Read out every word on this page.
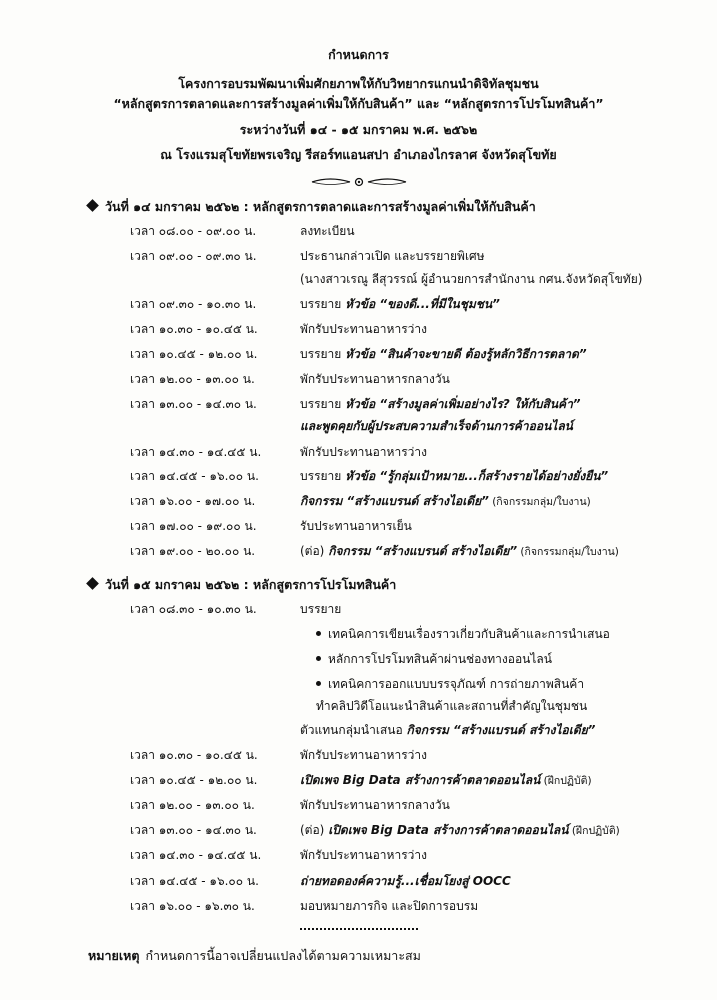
กำหนดการ
โครงการอบรมพัฒนาเพิ่มศักยภาพให้กับวิทยากรแกนนำดิจิทัลชุมชน
“หลักสูตรการตลาดและการสร้างมูลค่าเพิ่มให้กับสินค้า” และ “หลักสูตรการโปรโมทสินค้า”
ระหว่างวันที่ ๑๔ - ๑๕ มกราคม พ.ศ. ๒๕๖๒
ณ โรงแรมสุโขทัยพรเจริญ รีสอร์ทแอนสปา อำเภองไกรลาศ จังหวัดสุโขทัย
วันที่ ๑๔ มกราคม ๒๕๖๒ : หลักสูตรการตลาดและการสร้างมูลค่าเพิ่มให้กับสินค้า
เวลา ๐๘.๐๐ - ๐๙.๐๐ น.	ลงทะเบียน
เวลา ๐๙.๐๐ - ๐๙.๓๐ น.	ประธานกล่าวเปิด และบรรยายพิเศษ
(นางสาวเรณู ลีสุวรรณ์ ผู้อำนวยการสำนักงาน กศน.จังหวัดสุโขทัย)
เวลา ๐๙.๓๐ - ๑๐.๓๐ น.	บรรยาย หัวข้อ “ของดี...ที่มีในชุมชน”
เวลา ๑๐.๓๐ - ๑๐.๔๕ น.	พักรับประทานอาหารว่าง
เวลา ๑๐.๔๕ - ๑๒.๐๐ น.	บรรยาย หัวข้อ “สินค้าจะขายดี ต้องรู้หลักวิธีการตลาด”
เวลา ๑๒.๐๐ - ๑๓.๐๐ น.	พักรับประทานอาหารกลางวัน
เวลา ๑๓.๐๐ - ๑๔.๓๐ น.	บรรยาย หัวข้อ “สร้างมูลค่าเพิ่มอย่างไร? ให้กับสินค้า”
และพูดคุยกับผู้ประสบความสำเร็จด้านการค้าออนไลน์
เวลา ๑๔.๓๐ - ๑๔.๔๕ น.	พักรับประทานอาหารว่าง
เวลา ๑๔.๔๕ - ๑๖.๐๐ น.	บรรยาย หัวข้อ “รู้กลุ่มเป้าหมาย...ก็สร้างรายได้อย่างยั่งยืน”
เวลา ๑๖.๐๐ - ๑๗.๐๐ น.	กิจกรรม “สร้างแบรนด์ สร้างไอเดีย” (กิจกรรมกลุ่ม/ใบงาน)
เวลา ๑๗.๐๐ - ๑๙.๐๐ น.	รับประทานอาหารเย็น
เวลา ๑๙.๐๐ - ๒๐.๐๐ น.	(ต่อ) กิจกรรม “สร้างแบรนด์ สร้างไอเดีย” (กิจกรรมกลุ่ม/ใบงาน)
วันที่ ๑๕ มกราคม ๒๕๖๒ : หลักสูตรการโปรโมทสินค้า
เวลา ๐๘.๓๐ - ๑๐.๓๐ น.	บรรยาย
เทคนิคการเขียนเรื่องราวเกี่ยวกับสินค้าและการนำเสนอ
หลักการโปรโมทสินค้าผ่านช่องทางออนไลน์
เทคนิคการออกแบบบรรจุภัณฑ์ การถ่ายภาพสินค้า
ทำคลิปวิดีโอแนะนำสินค้าและสถานที่สำคัญในชุมชน
ตัวแทนกลุ่มนำเสนอ กิจกรรม “สร้างแบรนด์ สร้างไอเดีย”
เวลา ๑๐.๓๐ - ๑๐.๔๕ น.	พักรับประทานอาหารว่าง
เวลา ๑๐.๔๕ - ๑๒.๐๐ น.	เปิดเพจ Big Data สร้างการค้าตลาดออนไลน์ (ฝึกปฏิบัติ)
เวลา ๑๒.๐๐ - ๑๓.๐๐ น.	พักรับประทานอาหารกลางวัน
เวลา ๑๓.๐๐ - ๑๔.๓๐ น.	(ต่อ) เปิดเพจ Big Data สร้างการค้าตลาดออนไลน์ (ฝึกปฏิบัติ)
เวลา ๑๔.๓๐ - ๑๔.๔๕ น.	พักรับประทานอาหารว่าง
เวลา ๑๔.๔๕ - ๑๖.๐๐ น.	ถ่ายทอดองค์ความรู้...เชื่อมโยงสู่ OOCC
เวลา ๑๖.๐๐ - ๑๖.๓๐ น.	มอบหมายภารกิจ และปิดการอบรม
หมายเหตุ กำหนดการนี้อาจเปลี่ยนแปลงได้ตามความเหมาะสม
